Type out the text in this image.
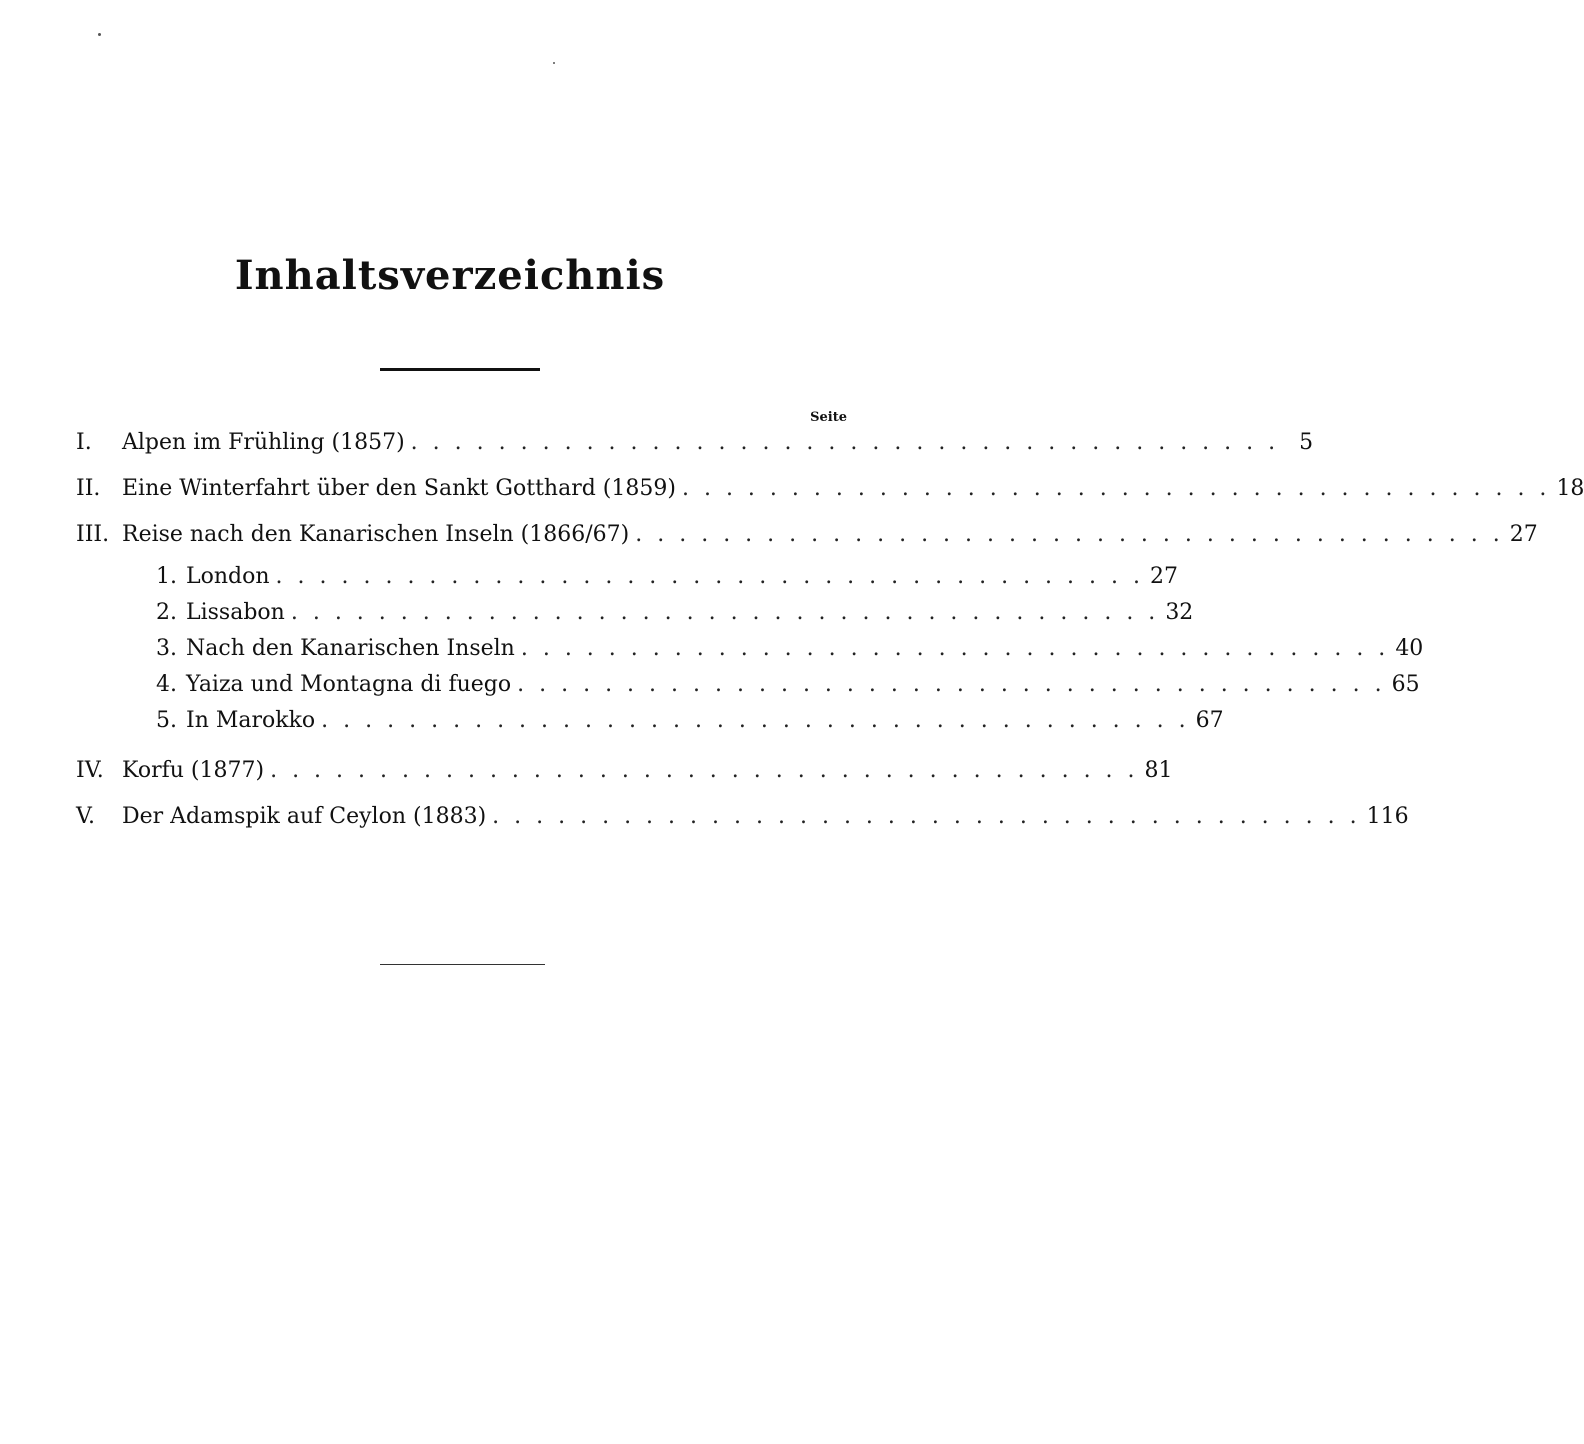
Inhaltsverzeichnis
Seite
I.	Alpen im Frühling (1857) . . . . . . . . . . . . . . . . . . . . . . . . . . . . . . . . . . . . . . . . 5
II. Eine Winterfahrt über den Sankt Gotthard (1859) . . . . . . . . . . . . . . . . . . . . . . . . . . . . . . . . . . . . . . . . 18
III. Reise nach den Kanarischen Inseln (1866/67) . . . . . . . . . . . . . . . . . . . . . . . . . . . . . . . . . . . . . . . . 27
1. London . . . . . . . . . . . . . . . . . . . . . . . . . . . . . . . . . . . . . . . . 27
2. Lissabon . . . . . . . . . . . . . . . . . . . . . . . . . . . . . . . . . . . . . . . . 32
3. Nach den Kanarischen Inseln . . . . . . . . . . . . . . . . . . . . . . . . . . . . . . . . . . . . . . . . 40
4. Yaiza und Montagna di fuego . . . . . . . . . . . . . . . . . . . . . . . . . . . . . . . . . . . . . . . . 65
5. In Marokko . . . . . . . . . . . . . . . . . . . . . . . . . . . . . . . . . . . . . . . . 67
IV. Korfu (1877) . . . . . . . . . . . . . . . . . . . . . . . . . . . . . . . . . . . . . . . . 81
V.	Der Adamspik auf Ceylon (1883) . . . . . . . . . . . . . . . . . . . . . . . . . . . . . . . . . . . . . . . . 116
